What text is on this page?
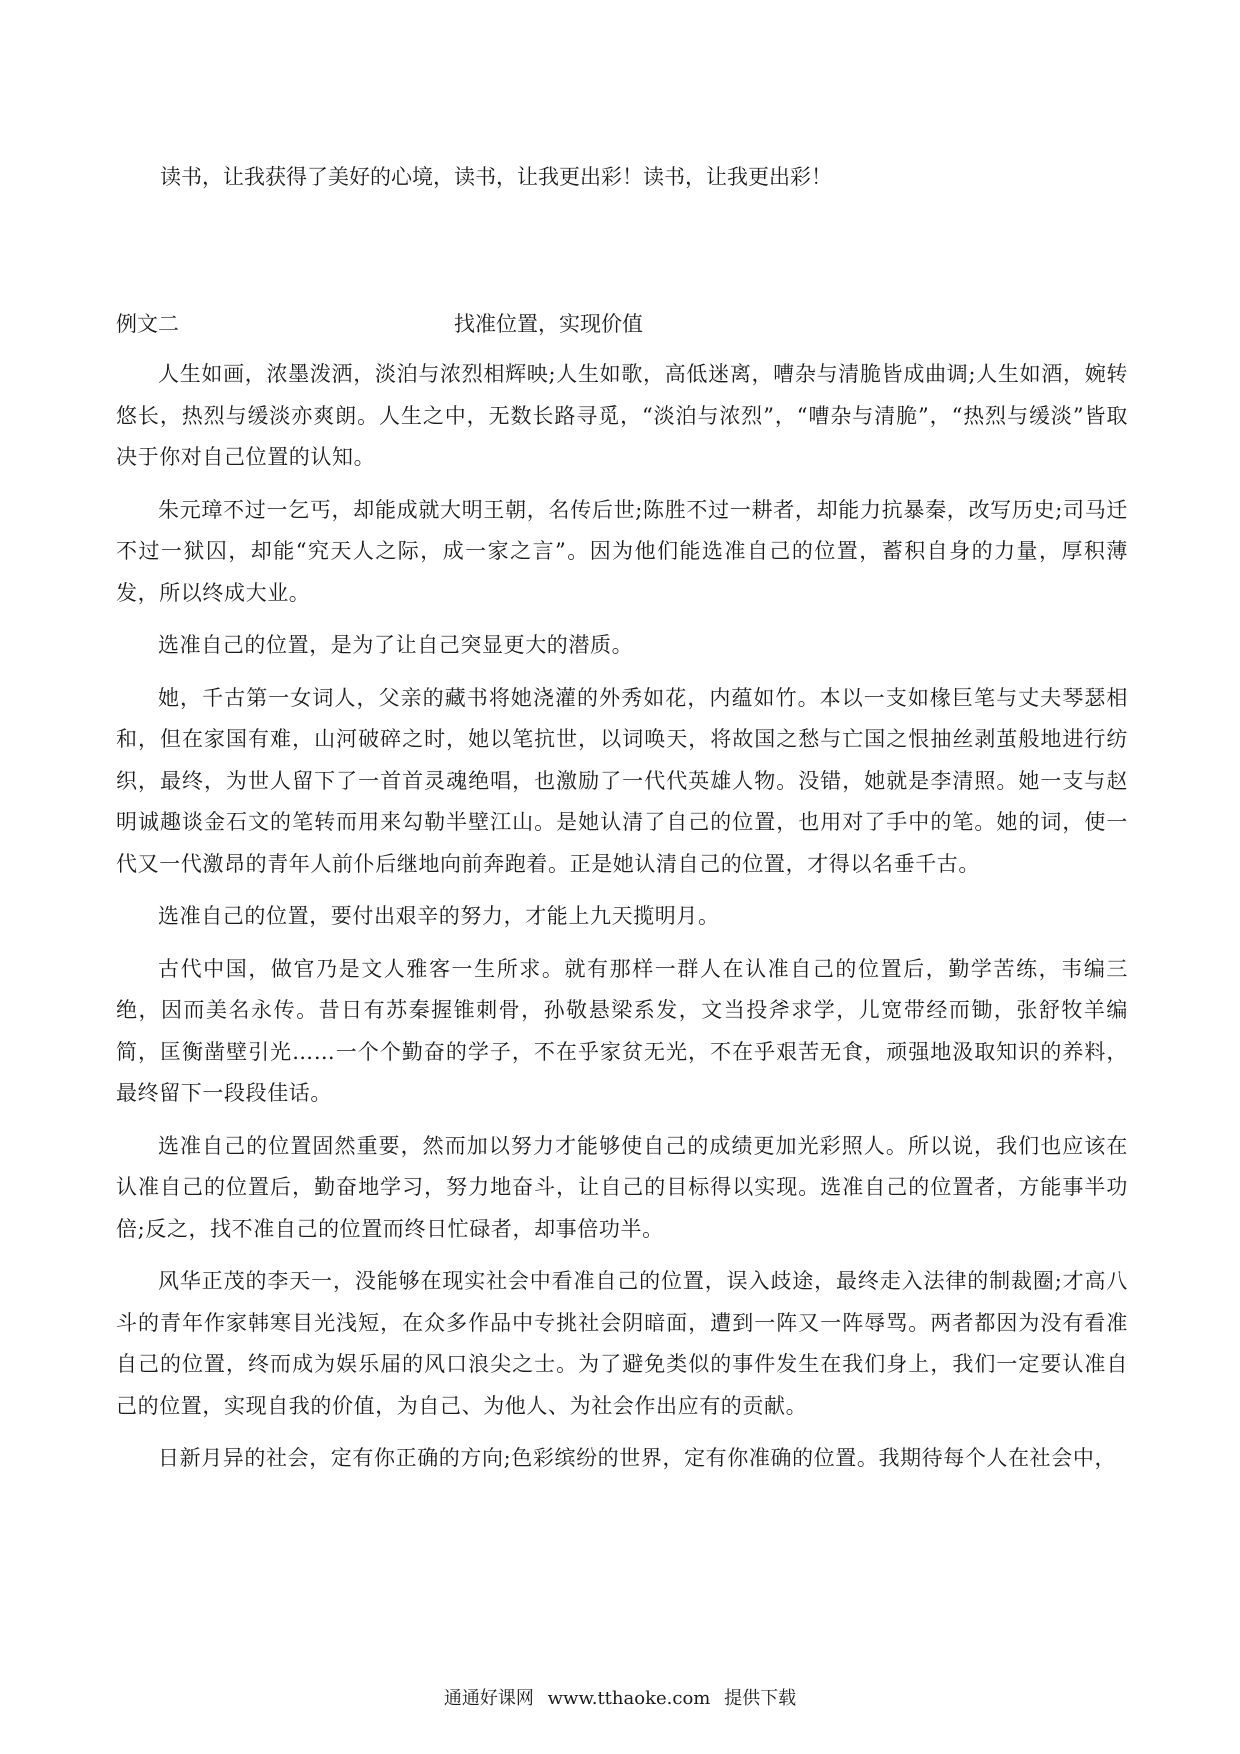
读书，让我获得了美好的心境，读书，让我更出彩！读书，让我更出彩！
例文二	找准位置，实现价值

人生如画，浓墨泼洒，淡泊与浓烈相辉映;人生如歌，高低迷离，嘈杂与清脆皆成曲调;人生如酒，婉转悠长，热烈与缓淡亦爽朗。人生之中，无数长路寻觅，“淡泊与浓烈”，“嘈杂与清脆”，“热烈与缓淡”皆取决于你对自己位置的认知。

朱元璋不过一乞丐，却能成就大明王朝，名传后世;陈胜不过一耕者，却能力抗暴秦，改写历史;司马迁不过一狱囚，却能“究天人之际，成一家之言”。因为他们能选准自己的位置，蓄积自身的力量，厚积薄发，所以终成大业。

选准自己的位置，是为了让自己突显更大的潜质。

她，千古第一女词人，父亲的藏书将她浇灌的外秀如花，内蕴如竹。本以一支如椽巨笔与丈夫琴瑟相和，但在家国有难，山河破碎之时，她以笔抗世，以词唤天，将故国之愁与亡国之恨抽丝剥茧般地进行纺织，最终，为世人留下了一首首灵魂绝唱，也激励了一代代英雄人物。没错，她就是李清照。她一支与赵明诚趣谈金石文的笔转而用来勾勒半壁江山。是她认清了自己的位置，也用对了手中的笔。她的词，使一代又一代激昂的青年人前仆后继地向前奔跑着。正是她认清自己的位置，才得以名垂千古。

选准自己的位置，要付出艰辛的努力，才能上九天揽明月。

古代中国，做官乃是文人雅客一生所求。就有那样一群人在认准自己的位置后，勤学苦练，韦编三绝，因而美名永传。昔日有苏秦握锥刺骨，孙敬悬梁系发，文当投斧求学，儿宽带经而锄，张舒牧羊编简，匡衡凿壁引光……一个个勤奋的学子，不在乎家贫无光，不在乎艰苦无食，顽强地汲取知识的养料，最终留下一段段佳话。

选准自己的位置固然重要，然而加以努力才能够使自己的成绩更加光彩照人。所以说，我们也应该在认准自己的位置后，勤奋地学习，努力地奋斗，让自己的目标得以实现。选准自己的位置者，方能事半功倍;反之，找不准自己的位置而终日忙碌者，却事倍功半。

风华正茂的李天一，没能够在现实社会中看准自己的位置，误入歧途，最终走入法律的制裁圈;才高八斗的青年作家韩寒目光浅短，在众多作品中专挑社会阴暗面，遭到一阵又一阵辱骂。两者都因为没有看准自己的位置，终而成为娱乐届的风口浪尖之士。为了避免类似的事件发生在我们身上，我们一定要认准自己的位置，实现自我的价值，为自己、为他人、为社会作出应有的贡献。

日新月异的社会，定有你正确的方向;色彩缤纷的世界，定有你准确的位置。我期待每个人在社会中，

通通好课网 www.tthaoke.com 提供下载
